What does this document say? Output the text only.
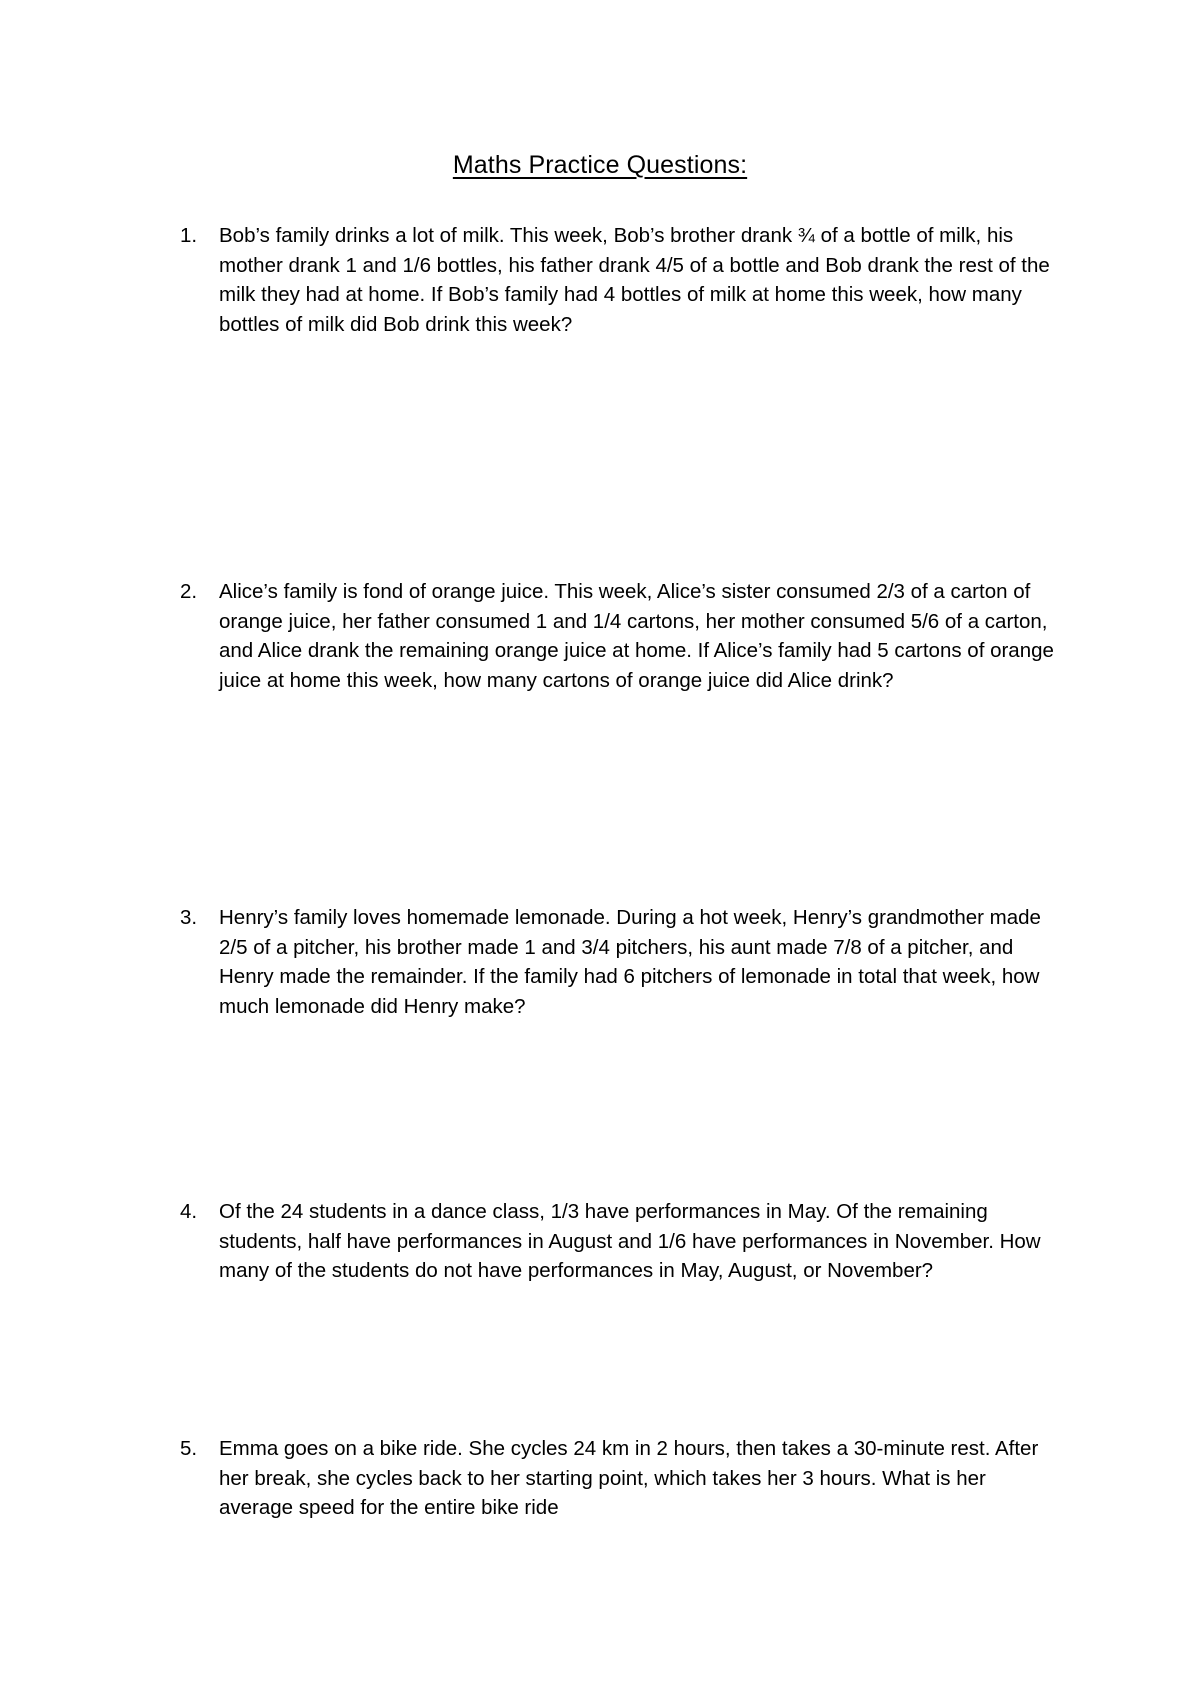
Maths Practice Questions:
1. Bob’s family drinks a lot of milk. This week, Bob’s brother drank ¾ of a bottle of milk, his mother drank 1 and 1/6 bottles, his father drank 4/5 of a bottle and Bob drank the rest of the milk they had at home. If Bob’s family had 4 bottles of milk at home this week, how many bottles of milk did Bob drink this week?
2. Alice’s family is fond of orange juice. This week, Alice’s sister consumed 2/3 of a carton of orange juice, her father consumed 1 and 1/4 cartons, her mother consumed 5/6 of a carton, and Alice drank the remaining orange juice at home. If Alice’s family had 5 cartons of orange juice at home this week, how many cartons of orange juice did Alice drink?
3. Henry’s family loves homemade lemonade. During a hot week, Henry’s grandmother made 2/5 of a pitcher, his brother made 1 and 3/4 pitchers, his aunt made 7/8 of a pitcher, and Henry made the remainder. If the family had 6 pitchers of lemonade in total that week, how much lemonade did Henry make?
4. Of the 24 students in a dance class, 1/3 have performances in May. Of the remaining students, half have performances in August and 1/6 have performances in November. How many of the students do not have performances in May, August, or November?
5. Emma goes on a bike ride. She cycles 24 km in 2 hours, then takes a 30-minute rest. After her break, she cycles back to her starting point, which takes her 3 hours. What is her average speed for the entire bike ride
